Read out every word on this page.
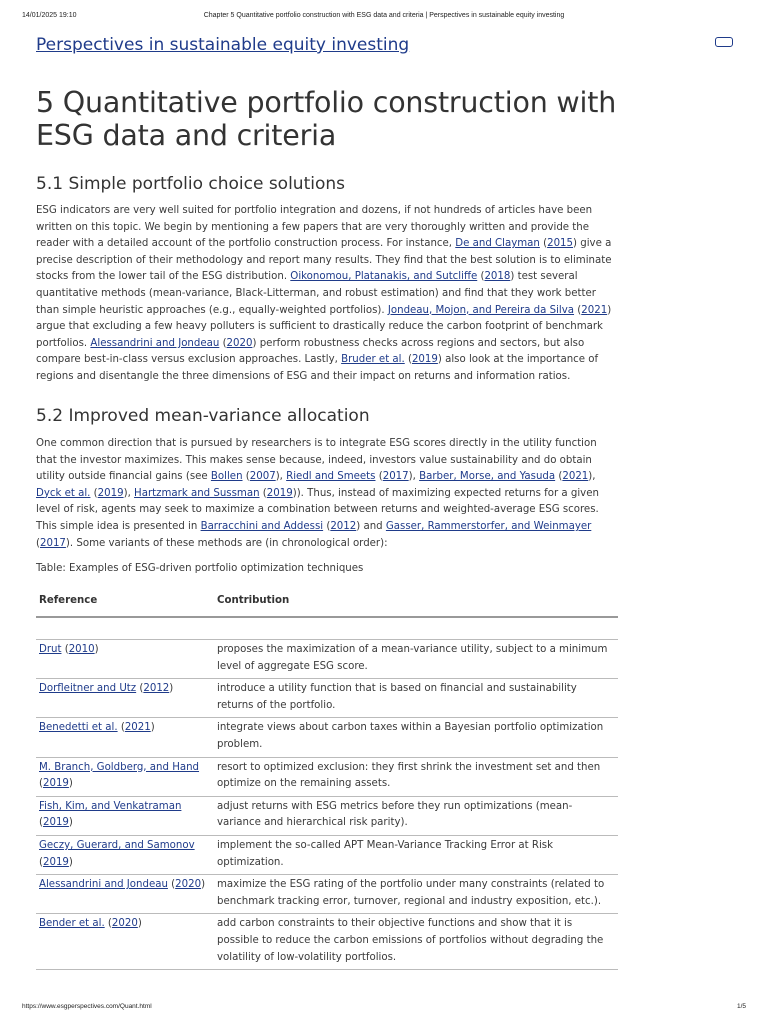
14/01/2025 19:10	Chapter 5 Quantitative portfolio construction with ESG data and criteria | Perspectives in sustainable equity investing
Perspectives in sustainable equity investing
5 Quantitative portfolio construction with ESG data and criteria
5.1 Simple portfolio choice solutions

ESG indicators are very well suited for portfolio integration and dozens, if not hundreds of articles have been written on this topic. We begin by mentioning a few papers that are very thoroughly written and provide the reader with a detailed account of the portfolio construction process. For instance, De and Clayman (2015) give a precise description of their methodology and report many results. They find that the best solution is to eliminate stocks from the lower tail of the ESG distribution. Oikonomou, Platanakis, and Sutcliffe (2018) test several quantitative methods (mean-variance, Black-Litterman, and robust estimation) and find that they work better than simple heuristic approaches (e.g., equally-weighted portfolios). Jondeau, Mojon, and Pereira da Silva (2021) argue that excluding a few heavy polluters is sufficient to drastically reduce the carbon footprint of benchmark portfolios. Alessandrini and Jondeau (2020) perform robustness checks across regions and sectors, but also compare best-in-class versus exclusion approaches. Lastly, Bruder et al. (2019) also look at the importance of regions and disentangle the three dimensions of ESG and their impact on returns and information ratios.

5.2 Improved mean-variance allocation

One common direction that is pursued by researchers is to integrate ESG scores directly in the utility function that the investor maximizes. This makes sense because, indeed, investors value sustainability and do obtain utility outside financial gains (see Bollen (2007), Riedl and Smeets (2017), Barber, Morse, and Yasuda (2021), Dyck et al. (2019), Hartzmark and Sussman (2019)). Thus, instead of maximizing expected returns for a given level of risk, agents may seek to maximize a combination between returns and weighted-average ESG scores. This simple idea is presented in Barracchini and Addessi (2012) and Gasser, Rammerstorfer, and Weinmayer (2017). Some variants of these methods are (in chronological order):

Table: Examples of ESG-driven portfolio optimization techniques
Reference	Contribution

Drut (2010)	proposes the maximization of a mean-variance utility, subject to a minimum level of aggregate ESG score.
Dorfleitner and Utz (2012)	introduce a utility function that is based on financial and sustainability returns of the portfolio.
Benedetti et al. (2021)	integrate views about carbon taxes within a Bayesian portfolio optimization problem.
M. Branch, Goldberg, and Hand (2019)	resort to optimized exclusion: they first shrink the investment set and then optimize on the remaining assets.
Fish, Kim, and Venkatraman (2019)	adjust returns with ESG metrics before they run optimizations (mean-variance and hierarchical risk parity).
Geczy, Guerard, and Samonov (2019)	implement the so-called APT Mean-Variance Tracking Error at Risk optimization.
Alessandrini and Jondeau (2020)	maximize the ESG rating of the portfolio under many constraints (related to benchmark tracking error, turnover, regional and industry exposition, etc.).
Bender et al. (2020)	add carbon constraints to their objective functions and show that it is possible to reduce the carbon emissions of portfolios without degrading the volatility of low-volatility portfolios.
https://www.esgperspectives.com/Quant.html	1/5
